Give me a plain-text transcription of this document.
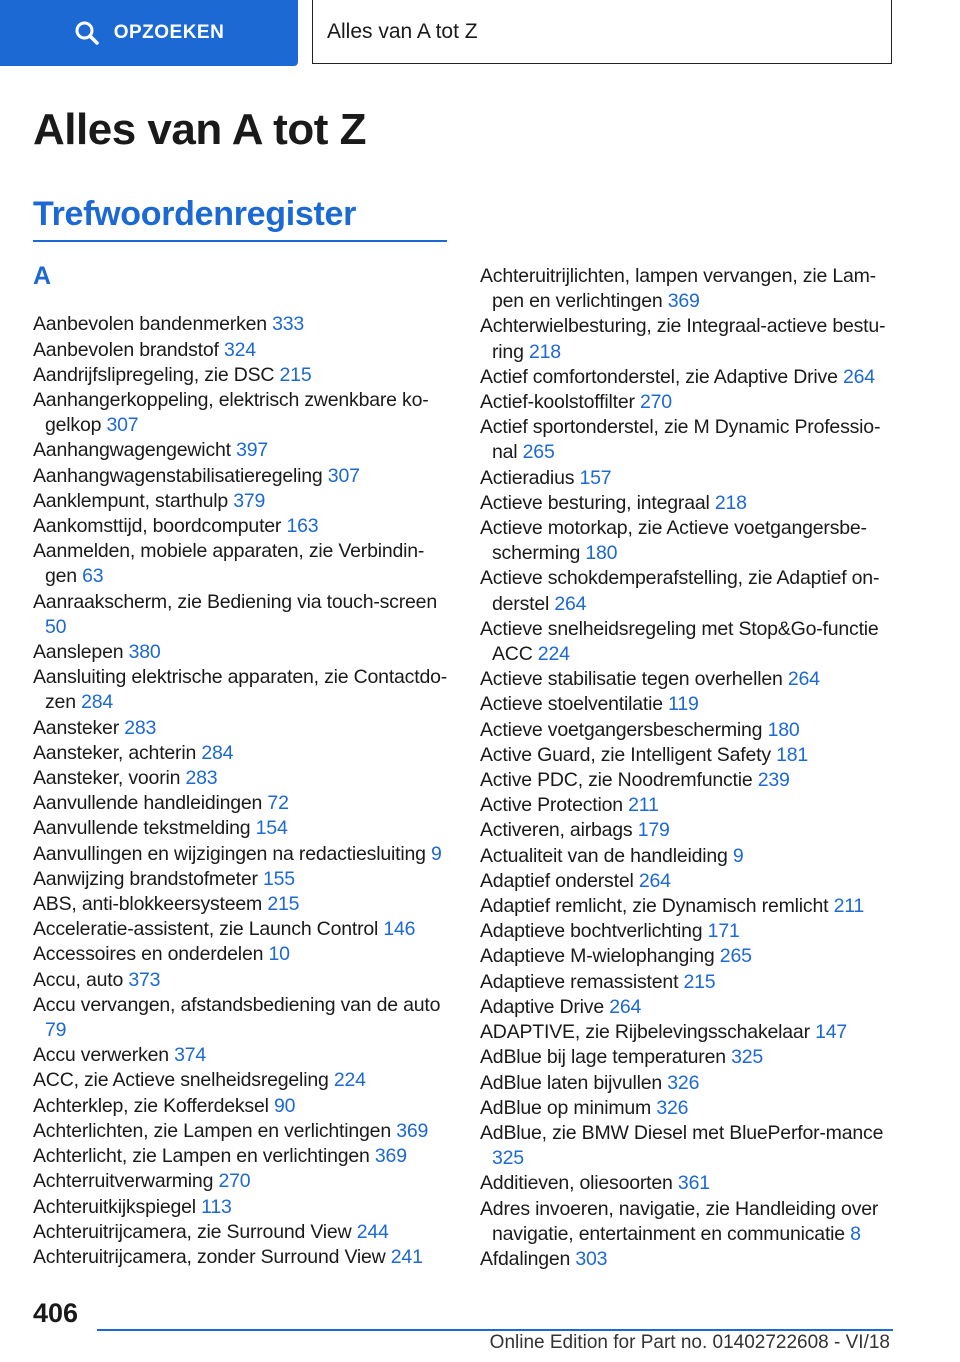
OPZOEKEN	Alles van A tot Z
Alles van A tot Z
Trefwoordenregister
A
Aanbevolen bandenmerken 333
Aanbevolen brandstof 324
Aandrijfslipregeling, zie DSC 215
Aanhangerkoppeling, elektrisch zwenkbare ko-gelkop 307
Aanhangwagengewicht 397
Aanhangwagenstabilisatieregeling 307
Aanklempunt, starthulp 379
Aankomsttijd, boordcomputer 163
Aanmelden, mobiele apparaten, zie Verbindin-gen 63
Aanraakscherm, zie Bediening via touch-screen 50
Aanslepen 380
Aansluiting elektrische apparaten, zie Contactdo-zen 284
Aansteker 283
Aansteker, achterin 284
Aansteker, voorin 283
Aanvullende handleidingen 72
Aanvullende tekstmelding 154
Aanvullingen en wijzigingen na redactiesluiting 9
Aanwijzing brandstofmeter 155
ABS, anti-blokkeersysteem 215
Acceleratie-assistent, zie Launch Control 146
Accessoires en onderdelen 10
Accu, auto 373
Accu vervangen, afstandsbediening van de auto 79
Accu verwerken 374
ACC, zie Actieve snelheidsregeling 224
Achterklep, zie Kofferdeksel 90
Achterlichten, zie Lampen en verlichtingen 369
Achterlicht, zie Lampen en verlichtingen 369
Achterruitverwarming 270
Achteruitkijkspiegel 113
Achteruitrijcamera, zie Surround View 244
Achteruitrijcamera, zonder Surround View 241
Achteruitrijlichten, lampen vervangen, zie Lam-pen en verlichtingen 369
Achterwielbesturing, zie Integraal-actieve bestu-ring 218
Actief comfortonderstel, zie Adaptive Drive 264
Actief-koolstoffilter 270
Actief sportonderstel, zie M Dynamic Professio-nal 265
Actieradius 157
Actieve besturing, integraal 218
Actieve motorkap, zie Actieve voetgangersbe-scherming 180
Actieve schokdemperafstelling, zie Adaptief on-derstel 264
Actieve snelheidsregeling met Stop&Go-functie ACC 224
Actieve stabilisatie tegen overhellen 264
Actieve stoelventilatie 119
Actieve voetgangersbescherming 180
Active Guard, zie Intelligent Safety 181
Active PDC, zie Noodremfunctie 239
Active Protection 211
Activeren, airbags 179
Actualiteit van de handleiding 9
Adaptief onderstel 264
Adaptief remlicht, zie Dynamisch remlicht 211
Adaptieve bochtverlichting 171
Adaptieve M-wielophanging 265
Adaptieve remassistent 215
Adaptive Drive 264
ADAPTIVE, zie Rijbelevingsschakelaar 147
AdBlue bij lage temperaturen 325
AdBlue laten bijvullen 326
AdBlue op minimum 326
AdBlue, zie BMW Diesel met BluePerfor-mance 325
Additieven, oliesoorten 361
Adres invoeren, navigatie, zie Handleiding over navigatie, entertainment en communicatie 8
Afdalingen 303
406
Online Edition for Part no. 01402722608 - VI/18
